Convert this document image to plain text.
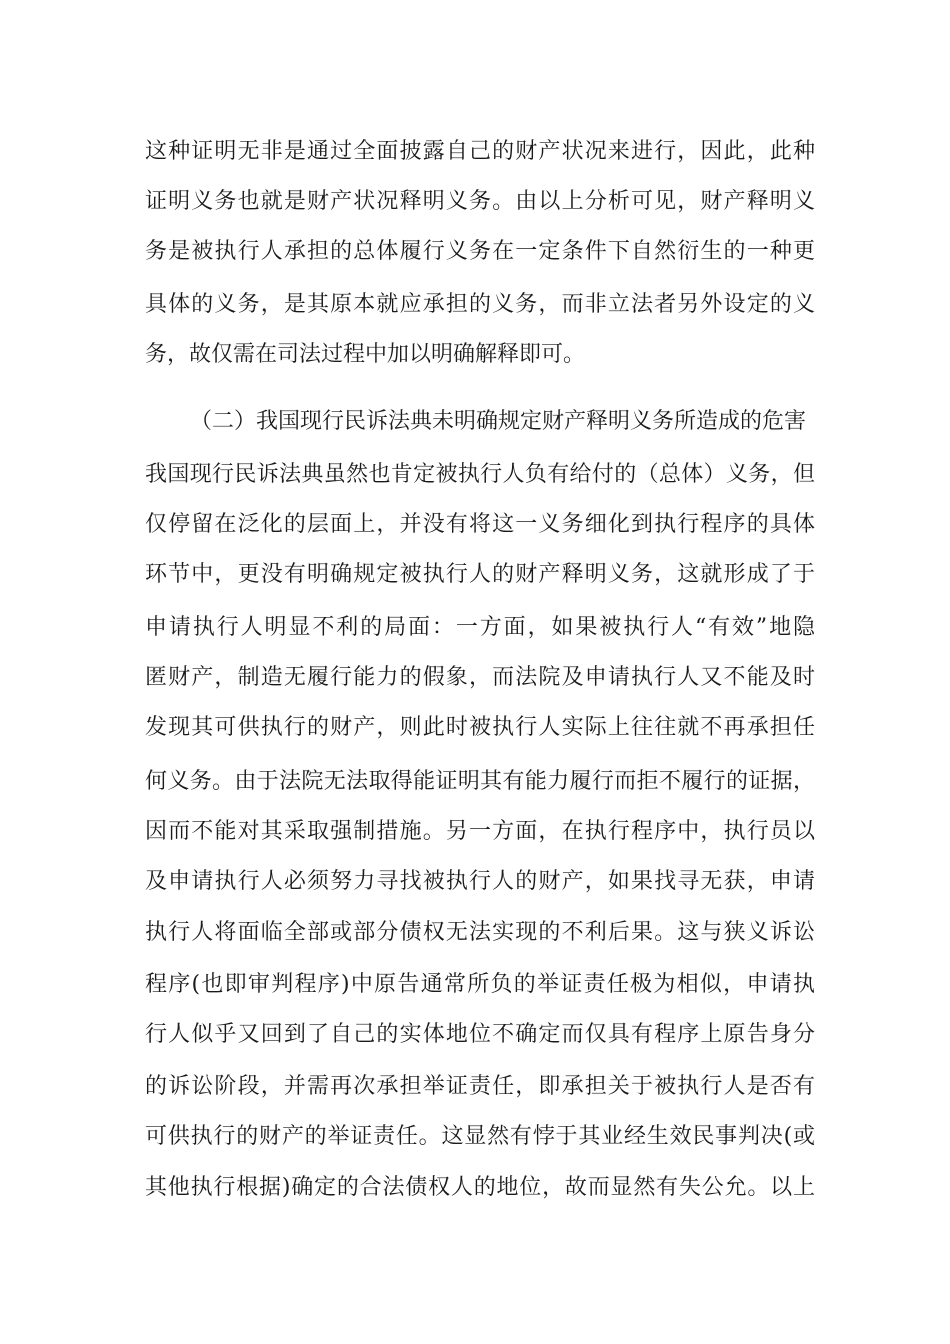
这种证明无非是通过全面披露自己的财产状况来进行，因此，此种
证明义务也就是财产状况释明义务。由以上分析可见，财产释明义
务是被执行人承担的总体履行义务在一定条件下自然衍生的一种更
具体的义务，是其原本就应承担的义务，而非立法者另外设定的义
务，故仅需在司法过程中加以明确解释即可。
（二）我国现行民诉法典未明确规定财产释明义务所造成的危害
我国现行民诉法典虽然也肯定被执行人负有给付的（总体）义务，但
仅停留在泛化的层面上，并没有将这一义务细化到执行程序的具体
环节中，更没有明确规定被执行人的财产释明义务，这就形成了于
申请执行人明显不利的局面：一方面，如果被执行人“有效”地隐
匿财产，制造无履行能力的假象，而法院及申请执行人又不能及时
发现其可供执行的财产，则此时被执行人实际上往往就不再承担任
何义务。由于法院无法取得能证明其有能力履行而拒不履行的证据，
因而不能对其采取强制措施。另一方面，在执行程序中，执行员以
及申请执行人必须努力寻找被执行人的财产，如果找寻无获，申请
执行人将面临全部或部分债权无法实现的不利后果。这与狭义诉讼
程序(也即审判程序)中原告通常所负的举证责任极为相似，申请执
行人似乎又回到了自己的实体地位不确定而仅具有程序上原告身分
的诉讼阶段，并需再次承担举证责任，即承担关于被执行人是否有
可供执行的财产的举证责任。这显然有悖于其业经生效民事判决(或
其他执行根据)确定的合法债权人的地位，故而显然有失公允。以上
